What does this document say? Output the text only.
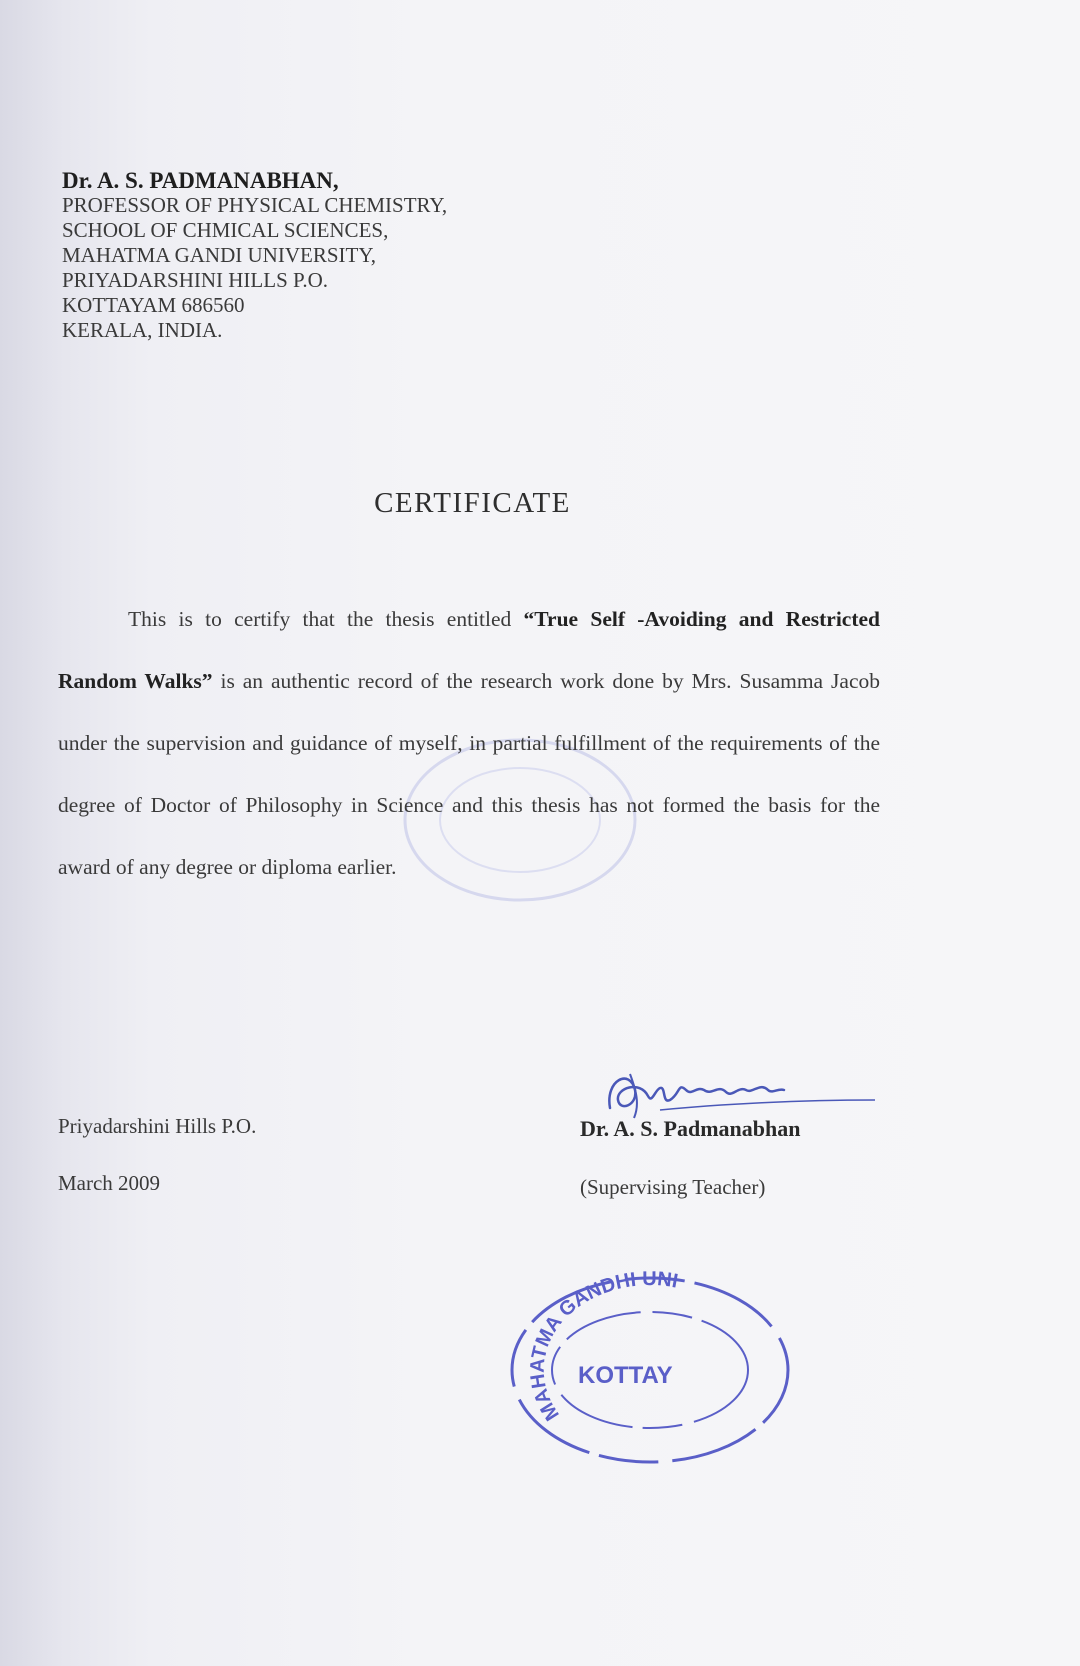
Dr. A. S. PADMANABHAN,
PROFESSOR OF PHYSICAL CHEMISTRY,
SCHOOL OF CHMICAL SCIENCES,
MAHATMA GANDI UNIVERSITY,
PRIYADARSHINI HILLS P.O.
KOTTAYAM 686560
KERALA, INDIA.
CERTIFICATE
This is to certify that the thesis entitled “True Self -Avoiding and Restricted Random Walks” is an authentic record of the research work done by Mrs. Susamma Jacob under the supervision and guidance of myself, in partial fulfillment of the requirements of the degree of Doctor of Philosophy in Science and this thesis has not formed the basis for the award of any degree or diploma earlier.
Priyadarshini Hills P.O.
March 2009
Dr. A. S. Padmanabhan
(Supervising Teacher)
MAHATMA GANDHI UNI
KOTTAY
